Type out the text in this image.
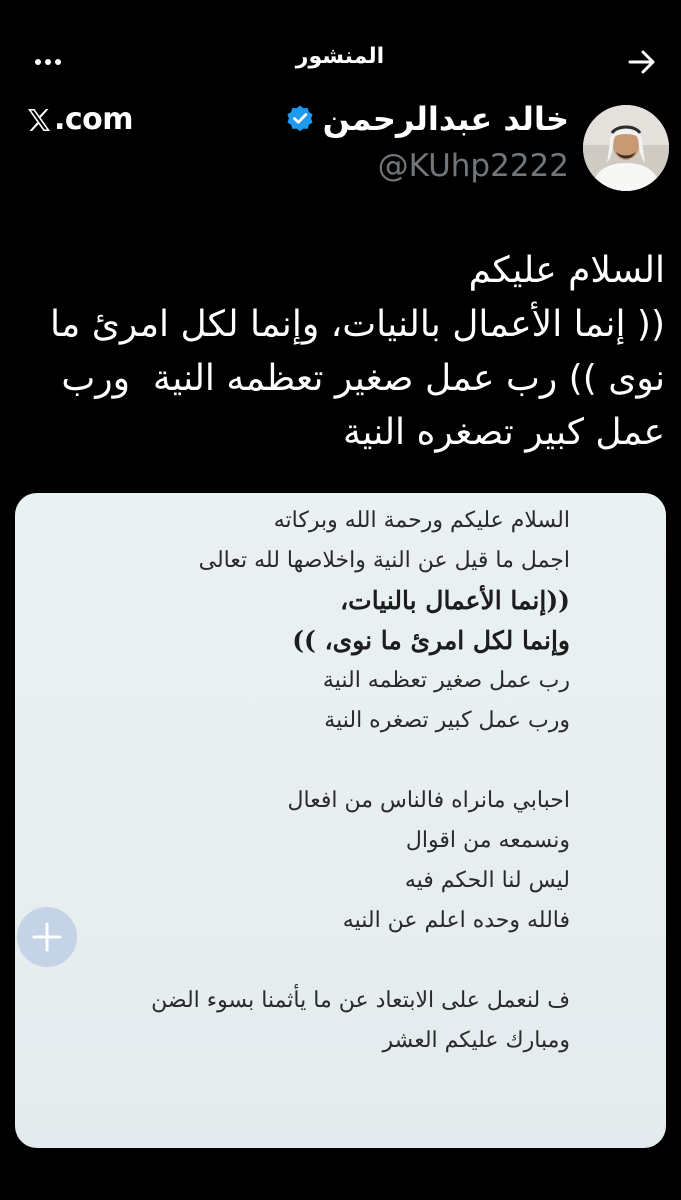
المنشور
.com	خالد عبدالرحمن
@KUhp2222
السلام عليكم
(( إنما الأعمال بالنيات، وإنما لكل امرئ ما نوى )) رب عمل صغير تعظمه النية  ورب عمل كبير تصغره النية
السلام عليكم ورحمة الله وبركاته
اجمل ما قيل عن النية واخلاصها لله تعالى
((إنما الأعمال بالنيات،
وإنما لكل امرئ ما نوى، ))
رب عمل صغير تعظمه النية
ورب عمل كبير تصغره النية
احبابي مانراه فالناس من افعال
ونسمعه من اقوال
ليس لنا الحكم فيه
فالله وحده اعلم عن النيه
ف لنعمل على الابتعاد عن ما يأثمنا بسوء الضن
ومبارك عليكم العشر
